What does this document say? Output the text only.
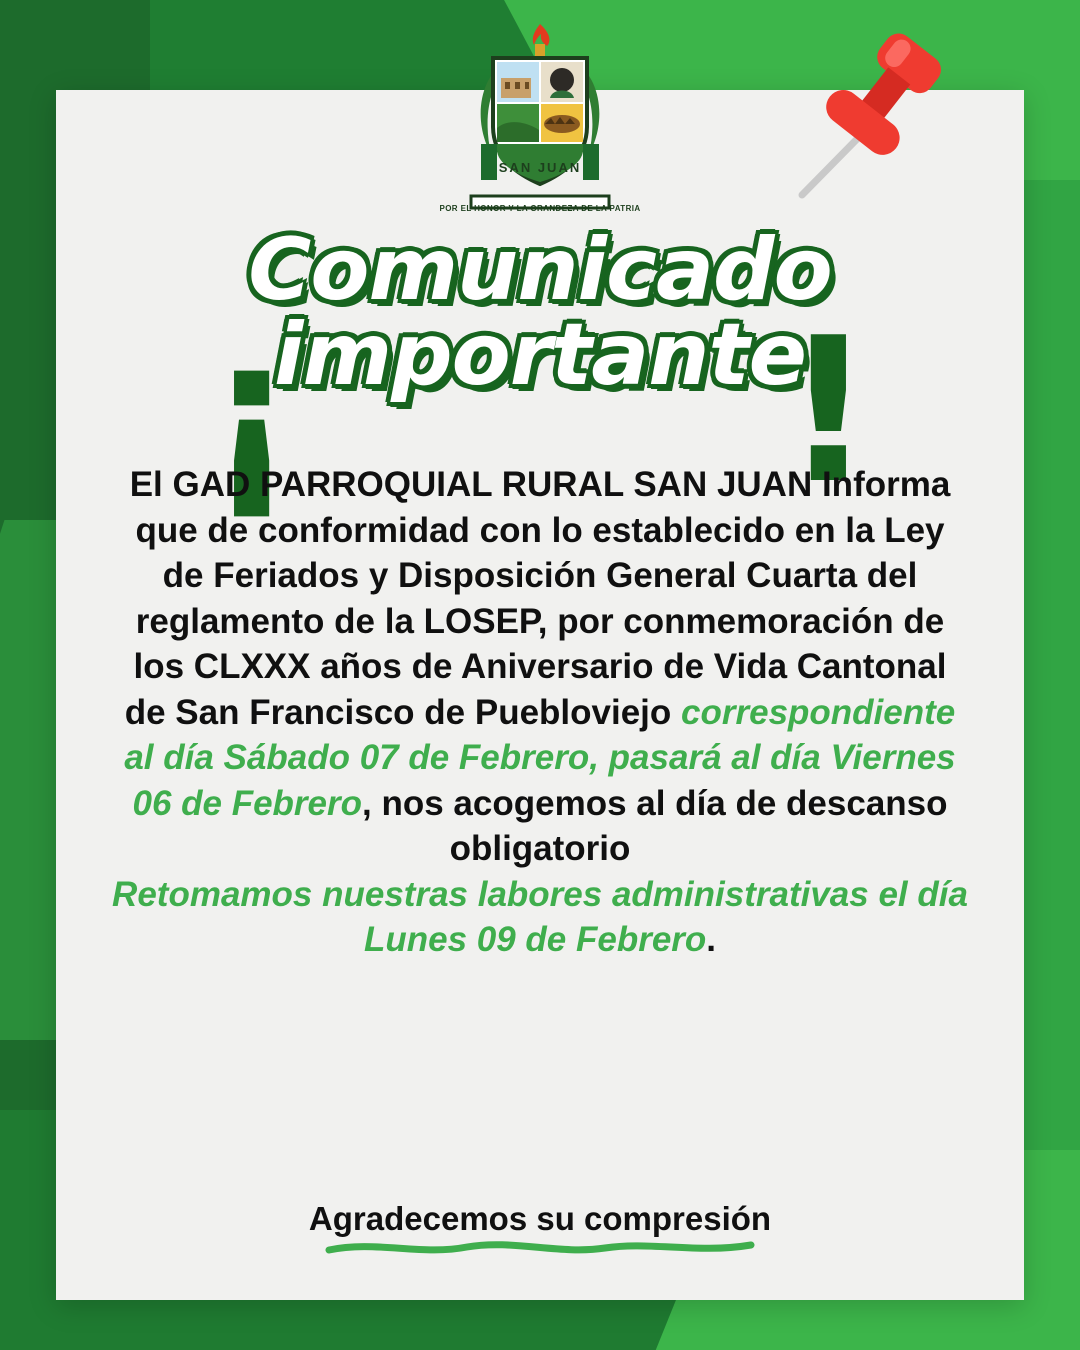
SAN JUAN
POR EL HONOR Y LA GRANDEZA DE LA PATRIA
¡ !
Comunicado
importante

El GAD PARROQUIAL RURAL SAN JUAN Informa que de conformidad con lo establecido en la Ley de Feriados y Disposición General Cuarta del reglamento de la LOSEP, por conmemoración de los CLXXX años de Aniversario de Vida Cantonal de San Francisco de Puebloviejo correspondiente al día Sábado 07 de Febrero, pasará al día Viernes 06 de Febrero, nos acogemos al día de descanso obligatorio

Retomamos nuestras labores administrativas el día Lunes 09 de Febrero.

Agradecemos su compresión
